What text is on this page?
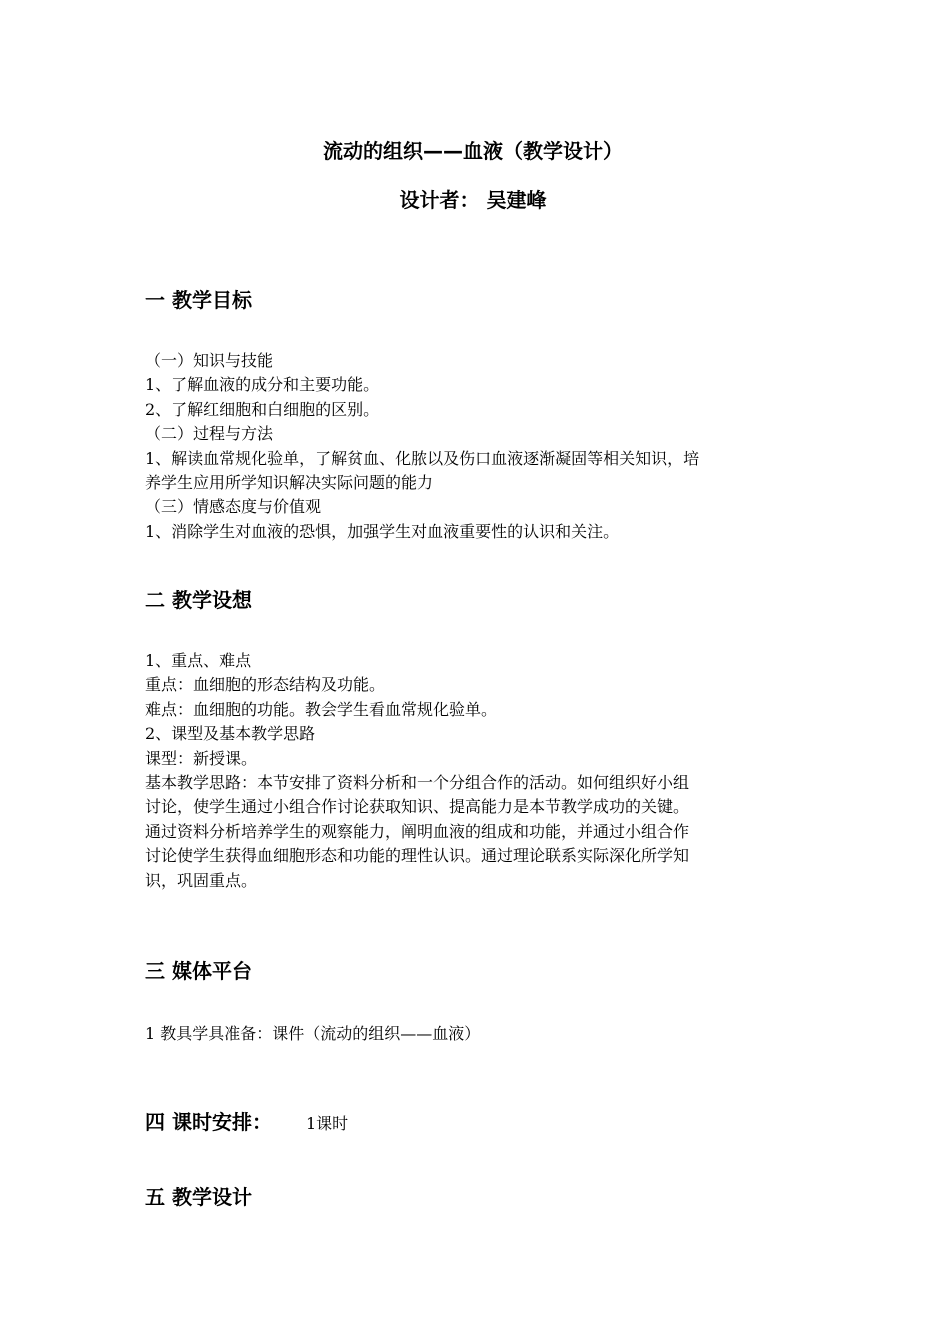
流动的组织——血液（教学设计）
设计者： 吴建峰
一 教学目标
（一）知识与技能
1、了解血液的成分和主要功能。
2、了解红细胞和白细胞的区别。
（二）过程与方法
1、解读血常规化验单，了解贫血、化脓以及伤口血液逐渐凝固等相关知识，培
养学生应用所学知识解决实际问题的能力
（三）情感态度与价值观
1、消除学生对血液的恐惧，加强学生对血液重要性的认识和关注。
二 教学设想
1、重点、难点
重点：血细胞的形态结构及功能。
难点：血细胞的功能。教会学生看血常规化验单。
2、课型及基本教学思路
课型：新授课。
基本教学思路：本节安排了资料分析和一个分组合作的活动。如何组织好小组
讨论，使学生通过小组合作讨论获取知识、提高能力是本节教学成功的关键。
通过资料分析培养学生的观察能力，阐明血液的组成和功能，并通过小组合作
讨论使学生获得血细胞形态和功能的理性认识。通过理论联系实际深化所学知
识，巩固重点。
三 媒体平台
1 教具学具准备：课件（流动的组织——血液）
四 课时安排： 1课时
五 教学设计
